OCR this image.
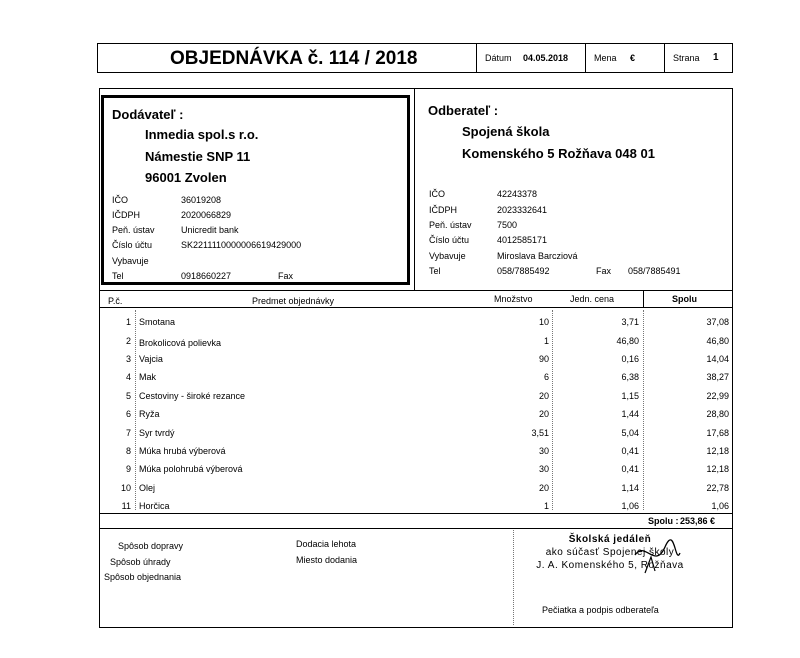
OBJEDNÁVKA č. 114 / 2018	Dátum 04.05.2018	Mena €	Strana 1
Dodávateľ :
Inmedia spol.s r.o.
Námestie SNP 11
96001 Zvolen
IČO	36019208
IČDPH	2020066829
Peň. ústav	Unicredit bank
Číslo účtu	SK2211110000006619429000
Vybavuje
Tel	0918660227	Fax
Odberateľ :
Spojená škola
Komenského 5 Rožňava 048 01
IČO	42243378
IČDPH	2023332641
Peň. ústav	7500
Číslo účtu	4012585171
Vybavuje	Miroslava Barcziová
Tel	058/7885492	Fax 058/7885491
P.č.	Predmet objednávky	Množstvo	Jedn. cena	Spolu
1 Smotana	10	3,71	37,08
2 Brokolicová polievka	1	46,80	46,80
3 Vajcia	90	0,16	14,04
4 Mak	6	6,38	38,27
5 Cestoviny - široké rezance	20	1,15	22,99
6 Ryža	20	1,44	28,80
7 Syr tvrdý	3,51	5,04	17,68
8 Múka hrubá výberová	30	0,41	12,18
9 Múka polohrubá výberová	30	0,41	12,18
10 Olej	20	1,14	22,78
11 Horčica	1	1,06	1,06
Spolu : 253,86 €
Spôsob dopravy
Spôsob úhrady
Spôsob objednania
Dodacia lehota
Miesto dodania
Školská jedáleň
ako súčasť Spojenej školy
J. A. Komenského 5, Rožňava
Pečiatka a podpis odberateľa
